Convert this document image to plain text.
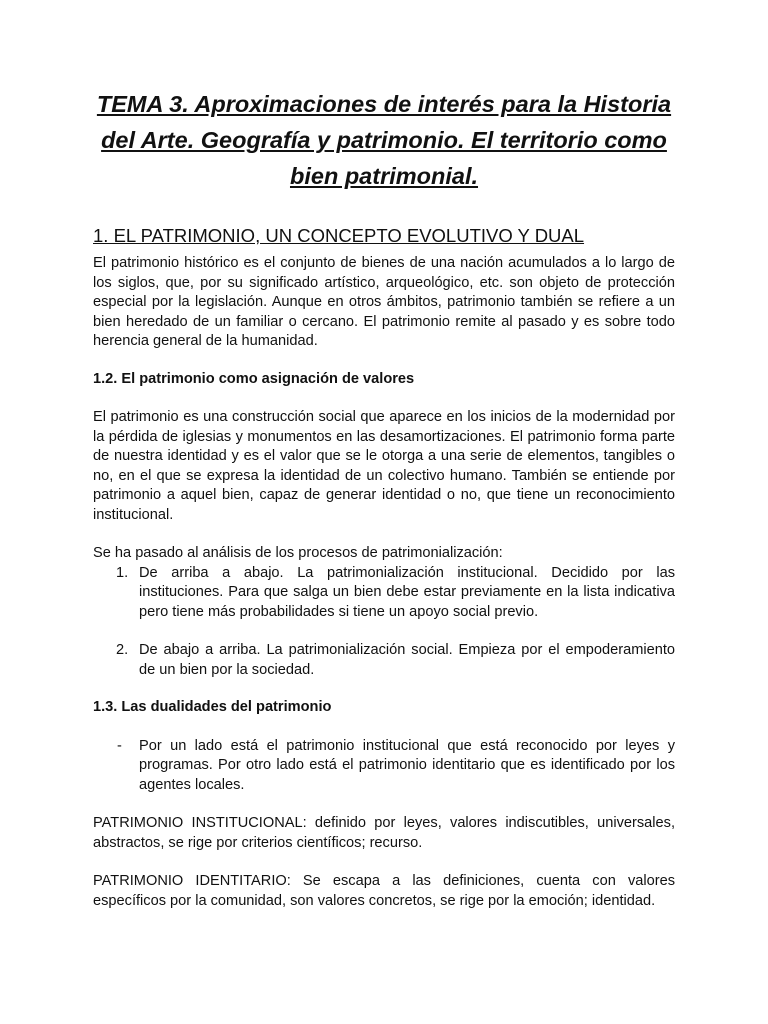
TEMA 3. Aproximaciones de interés para la Historia del Arte. Geografía y patrimonio. El territorio como bien patrimonial.
1. EL PATRIMONIO, UN CONCEPTO EVOLUTIVO Y DUAL

El patrimonio histórico es el conjunto de bienes de una nación acumulados a lo largo de los siglos, que, por su significado artístico, arqueológico, etc. son objeto de protección especial por la legislación. Aunque en otros ámbitos, patrimonio también se refiere a un bien heredado de un familiar o cercano. El patrimonio remite al pasado y es sobre todo herencia general de la humanidad.

1.2. El patrimonio como asignación de valores

El patrimonio es una construcción social que aparece en los inicios de la modernidad por la pérdida de iglesias y monumentos en las desamortizaciones. El patrimonio forma parte de nuestra identidad y es el valor que se le otorga a una serie de elementos, tangibles o no, en el que se expresa la identidad de un colectivo humano. También se entiende por patrimonio a aquel bien, capaz de generar identidad o no, que tiene un reconocimiento institucional.

Se ha pasado al análisis de los procesos de patrimonialización:

1. De arriba a abajo. La patrimonialización institucional. Decidido por las instituciones. Para que salga un bien debe estar previamente en la lista indicativa pero tiene más probabilidades si tiene un apoyo social previo.
2. De abajo a arriba. La patrimonialización social. Empieza por el empoderamiento de un bien por la sociedad.
1.3. Las dualidades del patrimonio
- Por un lado está el patrimonio institucional que está reconocido por leyes y programas. Por otro lado está el patrimonio identitario que es identificado por los agentes locales.

PATRIMONIO INSTITUCIONAL: definido por leyes, valores indiscutibles, universales, abstractos, se rige por criterios científicos; recurso.

PATRIMONIO IDENTITARIO: Se escapa a las definiciones, cuenta con valores específicos por la comunidad, son valores concretos, se rige por la emoción; identidad.
